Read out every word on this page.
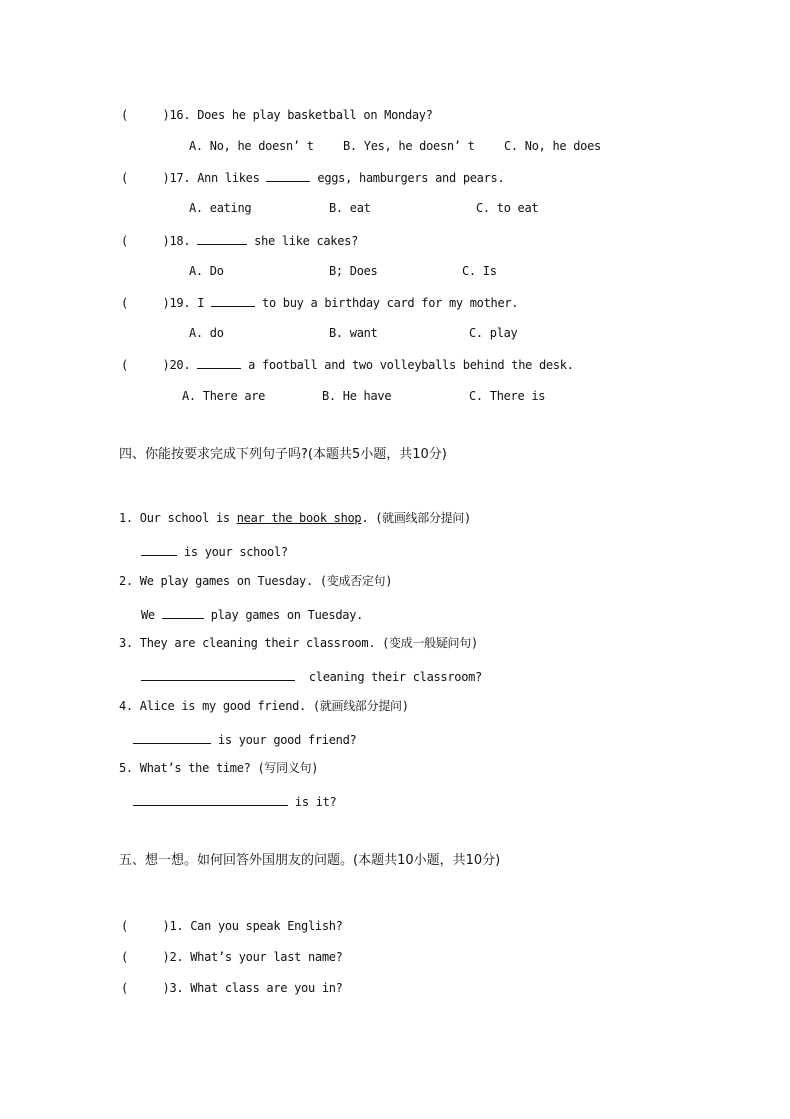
(     )16. Does he play basketball on Monday?
A. No, he doesn’ t B. Yes, he doesn’ t C. No, he does
(     )17. Ann likes	eggs, hamburgers and pears.
A. eating	B. eat	C. to eat
(     )18.	she like cakes?
A. Do	B; Does	C. Is
(     )19. I	to buy a birthday card for my mother.
A. do	B. want	C. play
(     )20.	a football and two volleyballs behind the desk.
A. There are	B. He have	C. There is
四、你能按要求完成下列句子吗?(本题共5小题，共10分)
1. Our school is near the book shop. (就画线部分提问)
is your school?
2. We play games on Tuesday. (变成否定句)
We	play games on Tuesday.
3. They are cleaning their classroom. (变成一般疑问句)
cleaning their classroom?
4. Alice is my good friend. (就画线部分提问)
is your good friend?
5. What’s the time? (写同义句)
is it?
五、想一想。如何回答外国朋友的问题。(本题共10小题，共10分)
(     )1. Can you speak English?
(     )2. What’s your last name?
(     )3. What class are you in?
